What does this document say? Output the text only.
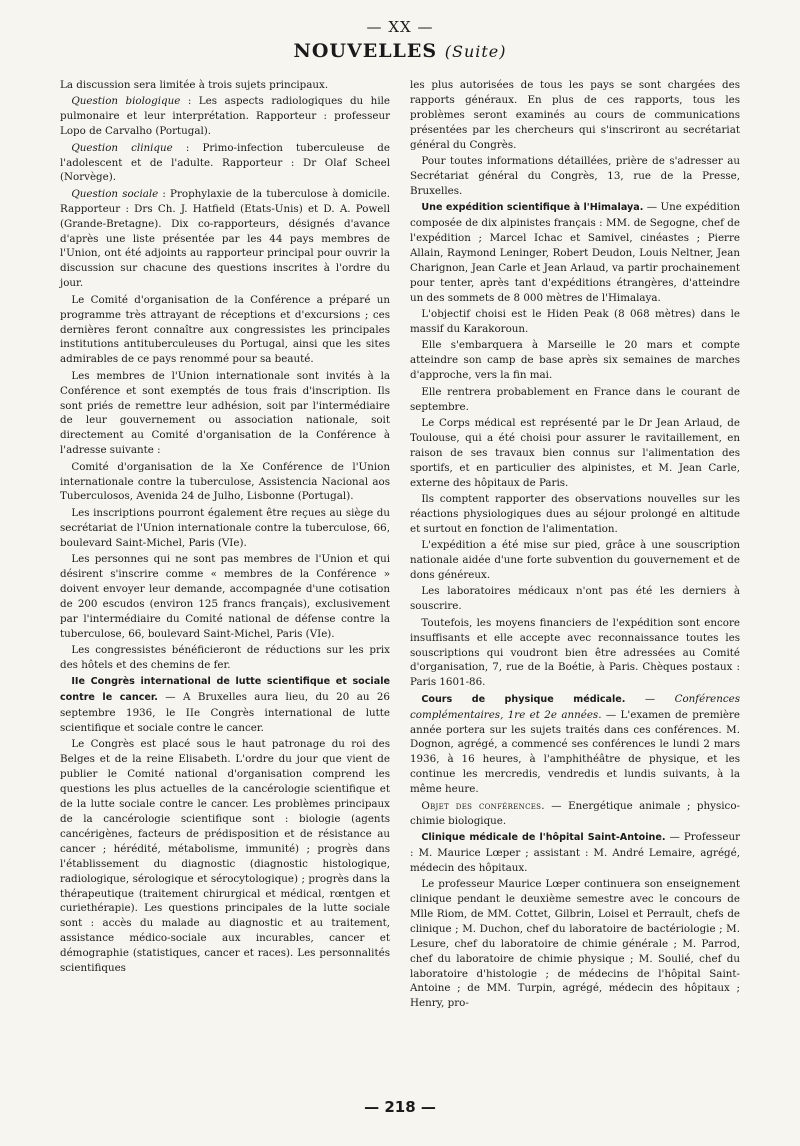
— XX —
NOUVELLES (Suite)

La discussion sera limitée à trois sujets principaux.

Question biologique : Les aspects radiologiques du hile pulmonaire et leur interprétation. Rapporteur : professeur Lopo de Carvalho (Portugal).

Question clinique : Primo-infection tuberculeuse de l'adolescent et de l'adulte. Rapporteur : Dr Olaf Scheel (Norvège).

Question sociale : Prophylaxie de la tuberculose à domicile. Rapporteur : Drs Ch. J. Hatfield (Etats-Unis) et D. A. Powell (Grande-Bretagne). Dix co-rapporteurs, désignés d'avance d'après une liste présentée par les 44 pays membres de l'Union, ont été adjoints au rapporteur principal pour ouvrir la discussion sur chacune des questions inscrites à l'ordre du jour.

Le Comité d'organisation de la Conférence a préparé un programme très attrayant de réceptions et d'excursions ; ces dernières feront connaître aux congressistes les principales institutions antituberculeuses du Portugal, ainsi que les sites admirables de ce pays renommé pour sa beauté.

Les membres de l'Union internationale sont invités à la Conférence et sont exemptés de tous frais d'inscription. Ils sont priés de remettre leur adhésion, soit par l'intermédiaire de leur gouvernement ou association nationale, soit directement au Comité d'organisation de la Conférence à l'adresse suivante :

Comité d'organisation de la Xe Conférence de l'Union internationale contre la tuberculose, Assistencia Nacional aos Tuberculosos, Avenida 24 de Julho, Lisbonne (Portugal).

Les inscriptions pourront également être reçues au siège du secrétariat de l'Union internationale contre la tuberculose, 66, boulevard Saint-Michel, Paris (VIe).

Les personnes qui ne sont pas membres de l'Union et qui désirent s'inscrire comme « membres de la Conférence » doivent envoyer leur demande, accompagnée d'une cotisation de 200 escudos (environ 125 francs français), exclusivement par l'intermédiaire du Comité national de défense contre la tuberculose, 66, boulevard Saint-Michel, Paris (VIe).

Les congressistes bénéficieront de réductions sur les prix des hôtels et des chemins de fer.

IIe Congrès international de lutte scientifique et sociale contre le cancer. — A Bruxelles aura lieu, du 20 au 26 septembre 1936, le IIe Congrès international de lutte scientifique et sociale contre le cancer.

Le Congrès est placé sous le haut patronage du roi des Belges et de la reine Elisabeth. L'ordre du jour que vient de publier le Comité national d'organisation comprend les questions les plus actuelles de la cancérologie scientifique et de la lutte sociale contre le cancer. Les problèmes principaux de la cancérologie scientifique sont : biologie (agents cancérigènes, facteurs de prédisposition et de résistance au cancer ; hérédité, métabolisme, immunité) ; progrès dans l'établissement du diagnostic (diagnostic histologique, radiologique, sérologique et sérocytologique) ; progrès dans la thérapeutique (traitement chirurgical et médical, rœntgen et curiethérapie). Les questions principales de la lutte sociale sont : accès du malade au diagnostic et au traitement, assistance médico-sociale aux incurables, cancer et démographie (statistiques, cancer et races). Les personnalités scientifiques

les plus autorisées de tous les pays se sont chargées des rapports généraux. En plus de ces rapports, tous les problèmes seront examinés au cours de communications présentées par les chercheurs qui s'inscriront au secrétariat général du Congrès.

Pour toutes informations détaillées, prière de s'adresser au Secrétariat général du Congrès, 13, rue de la Presse, Bruxelles.

Une expédition scientifique à l'Himalaya. — Une expédition composée de dix alpinistes français : MM. de Segogne, chef de l'expédition ; Marcel Ichac et Samivel, cinéastes ; Pierre Allain, Raymond Leninger, Robert Deudon, Louis Neltner, Jean Charignon, Jean Carle et Jean Arlaud, va partir prochainement pour tenter, après tant d'expéditions étrangères, d'atteindre un des sommets de 8 000 mètres de l'Himalaya.

L'objectif choisi est le Hiden Peak (8 068 mètres) dans le massif du Karakoroun.

Elle s'embarquera à Marseille le 20 mars et compte atteindre son camp de base après six semaines de marches d'approche, vers la fin mai.

Elle rentrera probablement en France dans le courant de septembre.

Le Corps médical est représenté par le Dr Jean Arlaud, de Toulouse, qui a été choisi pour assurer le ravitaillement, en raison de ses travaux bien connus sur l'alimentation des sportifs, et en particulier des alpinistes, et M. Jean Carle, externe des hôpitaux de Paris.

Ils comptent rapporter des observations nouvelles sur les réactions physiologiques dues au séjour prolongé en altitude et surtout en fonction de l'alimentation.

L'expédition a été mise sur pied, grâce à une souscription nationale aidée d'une forte subvention du gouvernement et de dons généreux.

Les laboratoires médicaux n'ont pas été les derniers à souscrire.

Toutefois, les moyens financiers de l'expédition sont encore insuffisants et elle accepte avec reconnaissance toutes les souscriptions qui voudront bien être adressées au Comité d'organisation, 7, rue de la Boétie, à Paris. Chèques postaux : Paris 1601-86.

Cours de physique médicale. — Conférences complémentaires, 1re et 2e années. — L'examen de première année portera sur les sujets traités dans ces conférences. M. Dognon, agrégé, a commencé ses conférences le lundi 2 mars 1936, à 16 heures, à l'amphithéâtre de physique, et les continue les mercredis, vendredis et lundis suivants, à la même heure.

Objet des conférences. — Energétique animale ; physico-chimie biologique.

Clinique médicale de l'hôpital Saint-Antoine. — Professeur : M. Maurice Lœper ; assistant : M. André Lemaire, agrégé, médecin des hôpitaux.

Le professeur Maurice Lœper continuera son enseignement clinique pendant le deuxième semestre avec le concours de Mlle Riom, de MM. Cottet, Gilbrin, Loisel et Perrault, chefs de clinique ; M. Duchon, chef du laboratoire de bactériologie ; M. Lesure, chef du laboratoire de chimie générale ; M. Parrod, chef du laboratoire de chimie physique ; M. Soulié, chef du laboratoire d'histologie ; de médecins de l'hôpital Saint-Antoine ; de MM. Turpin, agrégé, médecin des hôpitaux ; Henry, pro-

— 218 —
